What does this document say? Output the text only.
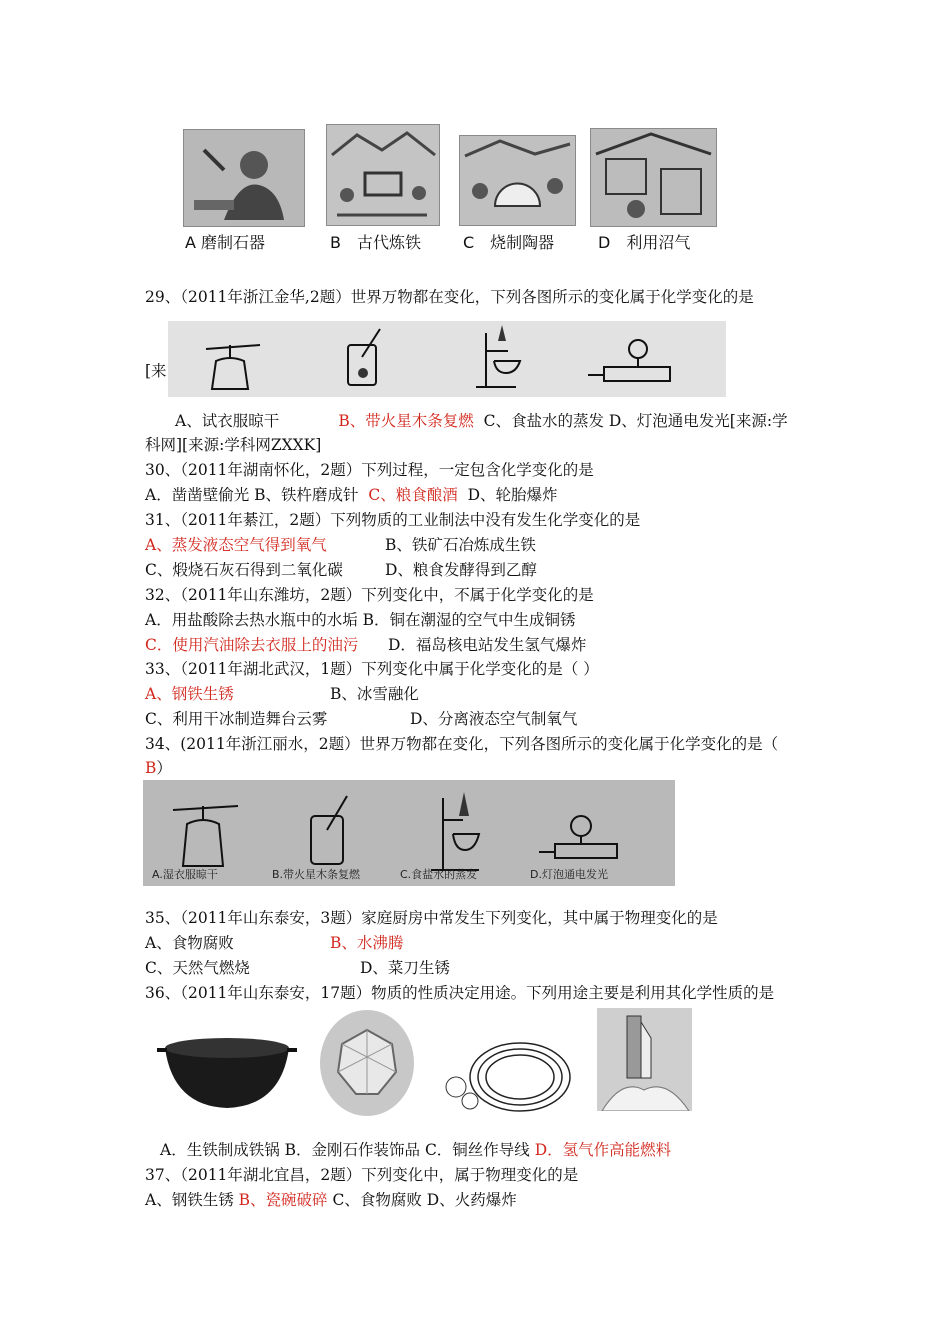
A 磨制石器	B　古代炼铁	C　烧制陶器	D　利用沼气
29、（2011年浙江金华,2题）世界万物都在变化，下列各图所示的变化属于化学变化的是
[来
A、试衣服晾干	B、带火星木条复燃 C、食盐水的蒸发 D、灯泡通电发光[来源:学
科网][来源:学科网ZXXK]
30、（2011年湖南怀化，2题）下列过程，一定包含化学变化的是
A．凿凿壁偷光 B、铁杵磨成针 C、粮食酿酒 D、轮胎爆炸
31、（2011年綦江，2题）下列物质的工业制法中没有发生化学变化的是
A、蒸发液态空气得到氧气	B、铁矿石冶炼成生铁
C、煅烧石灰石得到二氧化碳	D、粮食发酵得到乙醇
32、（2011年山东潍坊，2题）下列变化中，不属于化学变化的是
A．用盐酸除去热水瓶中的水垢 B．铜在潮湿的空气中生成铜锈
C．使用汽油除去衣服上的油污 D．福岛核电站发生氢气爆炸
33、（2011年湖北武汉，1题）下列变化中属于化学变化的是（ ）
A、钢铁生锈	B、冰雪融化
C、利用干冰制造舞台云雾	D、分离液态空气制氧气
34、(2011年浙江丽水，2题）世界万物都在变化，下列各图所示的变化属于化学变化的是（
B）
A.湿衣服晾干	B.带火星木条复燃	C.食盐水的蒸发	D.灯泡通电发光
35、（2011年山东泰安，3题）家庭厨房中常发生下列变化，其中属于物理变化的是
A、食物腐败	B、水沸腾
C、天然气燃烧	D、菜刀生锈
36、（2011年山东泰安，17题）物质的性质决定用途。下列用途主要是利用其化学性质的是
A．生铁制成铁锅 B．金刚石作装饰品 C．铜丝作导线 D．氢气作高能燃料
37、（2011年湖北宜昌，2题）下列变化中，属于物理变化的是
A、钢铁生锈 B、瓷碗破碎 C、食物腐败 D、火药爆炸
